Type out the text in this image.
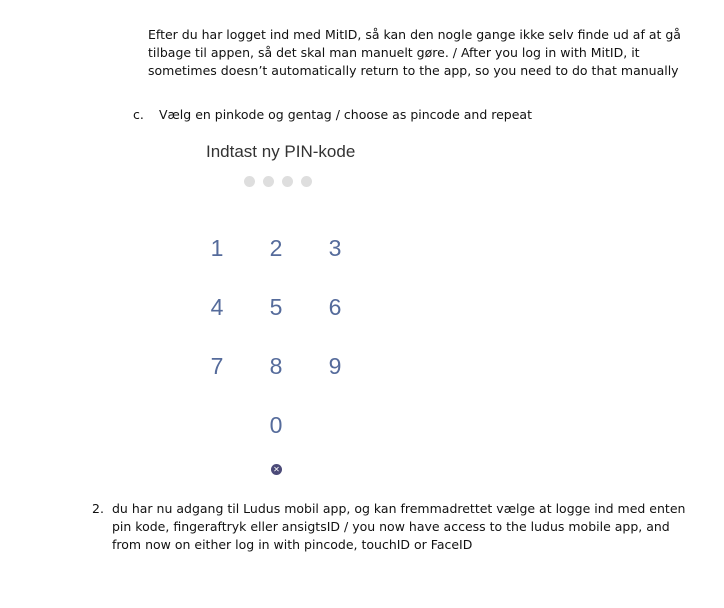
Efter du har logget ind med MitID, så kan den nogle gange ikke selv finde ud af at gå tilbage til appen, så det skal man manuelt gøre. / After you log in with MitID, it sometimes doesn’t automatically return to the app, so you need to do that manually
c. Vælg en pinkode og gentag / choose as pincode and repeat
Indtast ny PIN-kode
1	2	3
4	5	6
7	8	9
0
✕
2. du har nu adgang til Ludus mobil app, og kan fremmadrettet vælge at logge ind med enten pin kode, fingeraftryk eller ansigtsID / you now have access to the ludus mobile app, and from now on either log in with pincode, touchID or FaceID
